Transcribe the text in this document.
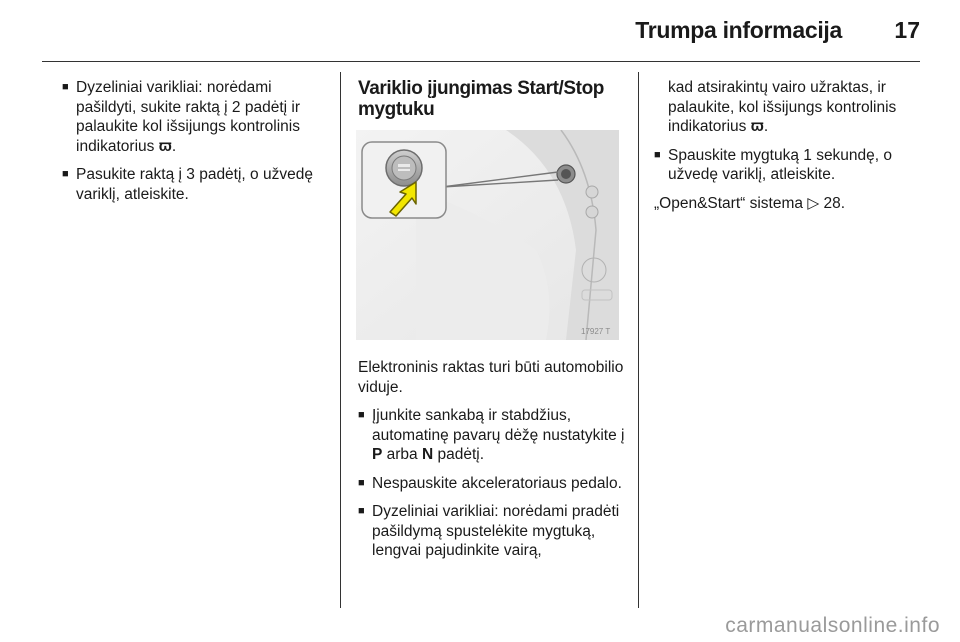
Trumpa informacija 17
■ Dyzeliniai varikliai: norėdami pašildyti, sukite raktą į 2 padėtį ir palaukite kol išsijungs kontrolinis indikatorius ϖ.
■ Pasukite raktą į 3 padėtį, o užvedę variklį, atleiskite.
Variklio įjungimas Start/Stop mygtuku
17927 T
Elektroninis raktas turi būti automobilio viduje.
■ Įjunkite sankabą ir stabdžius, automatinę pavarų dėžę nustatykite į P arba N padėtį.
■ Nespauskite akceleratoriaus pedalo.
■ Dyzeliniai varikliai: norėdami pradėti pašildymą spustelėkite mygtuką, lengvai pajudinkite vairą,
kad atsirakintų vairo užraktas, ir palaukite, kol išsijungs kontrolinis indikatorius ϖ.
■ Spauskite mygtuką 1 sekundę, o užvedę variklį, atleiskite.
„Open&Start“ sistema ▷ 28.
carmanualsonline.info
